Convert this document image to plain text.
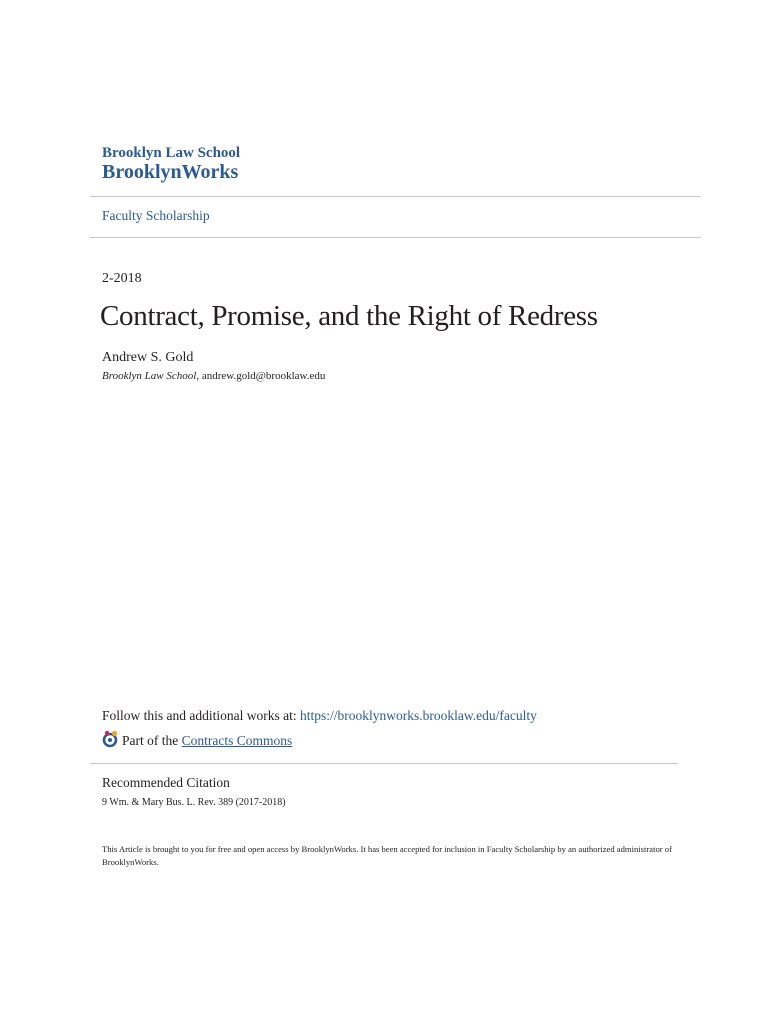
Brooklyn Law School
BrooklynWorks
Faculty Scholarship
2-2018
Contract, Promise, and the Right of Redress
Andrew S. Gold
Brooklyn Law School, andrew.gold@brooklaw.edu
Follow this and additional works at: https://brooklynworks.brooklaw.edu/faculty
Part of the Contracts Commons
Recommended Citation
9 Wm. & Mary Bus. L. Rev. 389 (2017-2018)
This Article is brought to you for free and open access by BrooklynWorks. It has been accepted for inclusion in Faculty Scholarship by an authorized administrator of BrooklynWorks.
